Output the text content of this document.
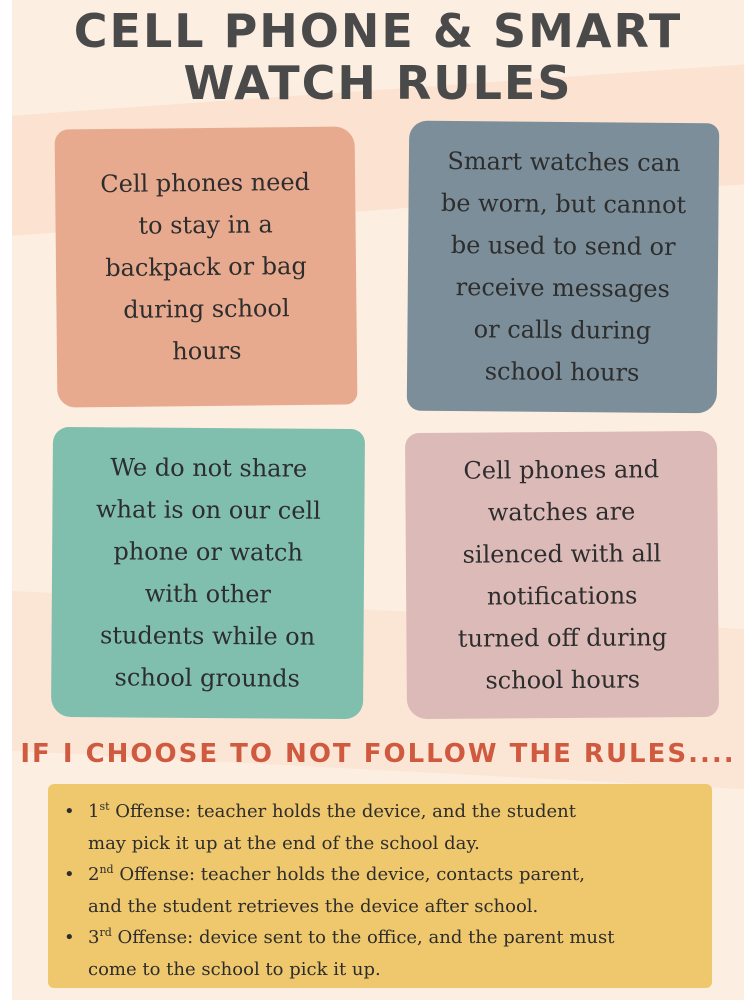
CELL PHONE & SMART
WATCH RULES
Cell phones need
to stay in a
backpack or bag
during school
hours
Smart watches can
be worn, but cannot
be used to send or
receive messages
or calls during
school hours
We do not share
what is on our cell
phone or watch
with other
students while on
school grounds
Cell phones and
watches are
silenced with all
notifications
turned off during
school hours
IF I CHOOSE TO NOT FOLLOW THE RULES....
• 1st Offense: teacher holds the device, and the student
may pick it up at the end of the school day.
• 2nd Offense: teacher holds the device, contacts parent,
and the student retrieves the device after school.
• 3rd Offense: device sent to the office, and the parent must
come to the school to pick it up.
